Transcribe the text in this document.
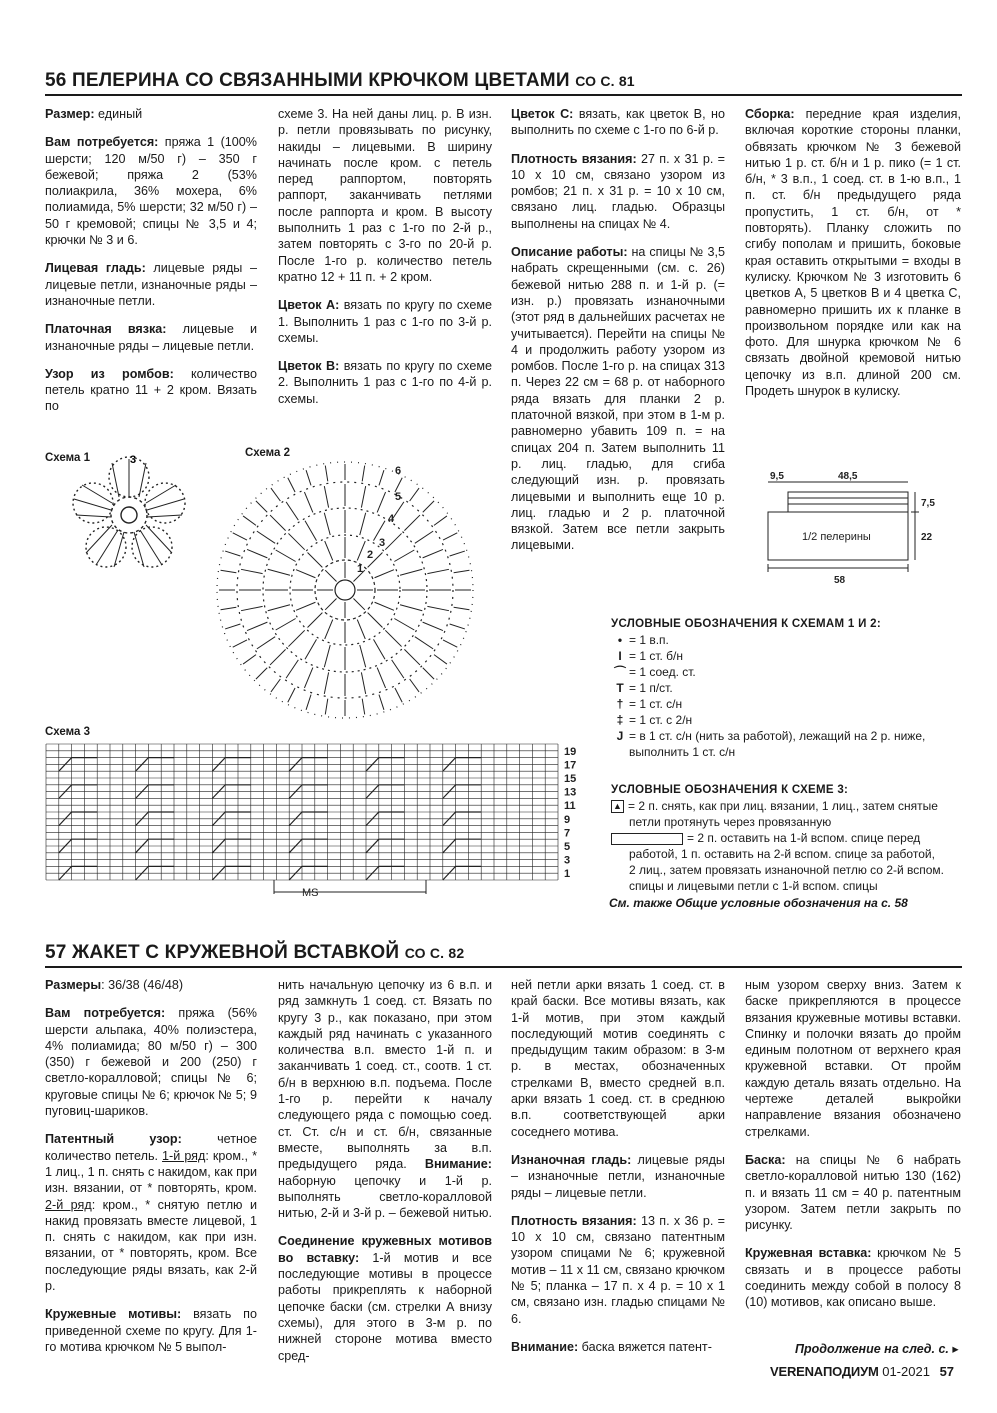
56 ПЕЛЕРИНА СО СВЯЗАННЫМИ КРЮЧКОМ ЦВЕТАМИ СО С. 81

Размер: единый

Вам потребуется: пряжа 1 (100% шерсти; 120 м/50 г) – 350 г бежевой; пряжа 2 (53% полиакрила, 36% мохера, 6% полиамида, 5% шерсти; 32 м/50 г) – 50 г кремовой; спицы № 3,5 и 4; крючки № 3 и 6.

Лицевая гладь: лицевые ряды – лицевые петли, изнаночные ряды – изнаночные петли.

Платочная вязка: лицевые и изнаночные ряды – лицевые петли.

Узор из ромбов: количество петель кратно 11 + 2 кром. Вязать по

схеме 3. На ней даны лиц. р. В изн. р. петли провязывать по рисунку, накиды – лицевыми. В ширину начинать после кром. с петель перед раппортом, повторять раппорт, заканчивать петлями после раппорта и кром. В высоту выполнить 1 раз с 1-го по 2-й р., затем повторять с 3-го по 20-й р. После 1-го р. количество петель кратно 12 + 11 п. + 2 кром.

Цветок А: вязать по кругу по схеме 1. Выполнить 1 раз с 1-го по 3-й р. схемы.

Цветок В: вязать по кругу по схеме 2. Выполнить 1 раз с 1-го по 4-й р. схемы.

Цветок С: вязать, как цветок В, но выполнить по схеме с 1-го по 6-й р.

Плотность вязания: 27 п. х 31 р. = 10 х 10 см, связано узором из ромбов; 21 п. х 31 р. = 10 х 10 см, связано лиц. гладью. Образцы выполнены на спицах № 4.

Описание работы: на спицы № 3,5 набрать скрещенными (см. с. 26) бежевой нитью 288 п. и 1-й р. (= изн. р.) провязать изнаночными (этот ряд в дальнейших расчетах не учитывается). Перейти на спицы № 4 и продолжить работу узором из ромбов. После 1-го р. на спицах 313 п. Через 22 см = 68 р. от наборного ряда вязать для планки 2 р. платочной вязкой, при этом в 1-м р. равномерно убавить 109 п. = на спицах 204 п. Затем выполнить 11 р. лиц. гладью, для сгиба следующий изн. р. провязать лицевыми и выполнить еще 10 р. лиц. гладью и 2 р. платочной вязкой. Затем все петли закрыть лицевыми.

Сборка: передние края изделия, включая короткие стороны планки, обвязать крючком № 3 бежевой нитью 1 р. ст. б/н и 1 р. пико (= 1 ст. б/н, * 3 в.п., 1 соед. ст. в 1-ю в.п., 1 п. ст. б/н предыдущего ряда пропустить, 1 ст. б/н, от * повторять). Планку сложить по сгибу пополам и пришить, боковые края оставить открытыми = входы в кулиску. Крючком № 3 изготовить 6 цветков А, 5 цветков В и 4 цветка С, равномерно пришить их к планке в произвольном порядке или как на фото. Для шнурка крючком № 6 связать двойной кремовой нитью цепочку из в.п. длиной 200 см. Продеть шнурок в кулиску.

Схема 1	3
Схема 2
6
5
4
3
2
1
9,5	48,5
7,5
22
58
1/2 пелерины
УСЛОВНЫЕ ОБОЗНАЧЕНИЯ К СХЕМАМ 1 И 2:
• = 1 в.п.
I = 1 ст. б/н
⌒ = 1 соед. ст.
T = 1 п/ст.
† = 1 ст. с/н
‡ = 1 ст. с 2/н
J = в 1 ст. с/н (нить за работой), лежащий на 2 р. ниже,
выполнить 1 ст. с/н
УСЛОВНЫЕ ОБОЗНАЧЕНИЯ К СХЕМЕ 3:
▲ = 2 п. снять, как при лиц. вязании, 1 лиц., затем снятые
петли протянуть через провязанную
= 2 п. оставить на 1-й вспом. спице перед
работой, 1 п. оставить на 2-й вспом. спице за работой,
2 лиц., затем провязать изнаночной петлю со 2-й вспом.
спицы и лицевыми петли с 1-й вспом. спицы
См. также Общие условные обозначения на с. 58
Схема 3
19
17
15
13
11
9
7
5
3
1
MS
57 ЖАКЕТ С КРУЖЕВНОЙ ВСТАВКОЙ СО С. 82

Размеры: 36/38 (46/48)

Вам потребуется: пряжа (56% шерсти альпака, 40% полиэстера, 4% полиамида; 80 м/50 г) – 300 (350) г бежевой и 200 (250) г светло-коралловой; спицы № 6; круговые спицы № 6; крючок № 5; 9 пуговиц-шариков.

Патентный узор: четное количество петель. 1-й ряд: кром., * 1 лиц., 1 п. снять с накидом, как при изн. вязании, от * повторять, кром. 2-й ряд: кром., * снятую петлю и накид провязать вместе лицевой, 1 п. снять с накидом, как при изн. вязании, от * повторять, кром. Все последующие ряды вязать, как 2-й р.

Кружевные мотивы: вязать по приведенной схеме по кругу. Для 1-го мотива крючком № 5 выпол-

нить начальную цепочку из 6 в.п. и ряд замкнуть 1 соед. ст. Вязать по кругу 3 р., как показано, при этом каждый ряд начинать с указанного количества в.п. вместо 1-й п. и заканчивать 1 соед. ст., соотв. 1 ст. б/н в верхнюю в.п. подъема. После 1-го р. перейти к началу следующего ряда с помощью соед. ст. Ст. с/н и ст. б/н, связанные вместе, выполнять за в.п. предыдущего ряда. Внимание: наборную цепочку и 1-й р. выполнять светло-коралловой нитью, 2-й и 3-й р. – бежевой нитью.

Соединение кружевных мотивов во вставку: 1-й мотив и все последующие мотивы в процессе работы прикреплять к наборной цепочке баски (см. стрелки А внизу схемы), для этого в 3-м р. по нижней стороне мотива вместо сред-

ней петли арки вязать 1 соед. ст. в край баски. Все мотивы вязать, как 1-й мотив, при этом каждый последующий мотив соединять с предыдущим таким образом: в 3-м р. в местах, обозначенных стрелками В, вместо средней в.п. арки вязать 1 соед. ст. в среднюю в.п. соответствующей арки соседнего мотива.

Изнаночная гладь: лицевые ряды – изнаночные петли, изнаночные ряды – лицевые петли.

Плотность вязания: 13 п. х 36 р. = 10 х 10 см, связано патентным узором спицами № 6; кружевной мотив – 11 х 11 см, связано крючком № 5; планка – 17 п. х 4 р. = 10 х 1 см, связано изн. гладью спицами № 6.

Внимание: баска вяжется патент-

ным узором сверху вниз. Затем к баске прикрепляются в процессе вязания кружевные мотивы вставки. Спинку и полочки вязать до пройм единым полотном от верхнего края кружевной вставки. От пройм каждую деталь вязать отдельно. На чертеже деталей выкройки направление вязания обозначено стрелками.

Баска: на спицы № 6 набрать светло-коралловой нитью 130 (162) п. и вязать 11 см = 40 р. патентным узором. Затем петли закрыть по рисунку.

Кружевная вставка: крючком № 5 связать и в процессе работы соединить между собой в полосу 8 (10) мотивов, как описано выше.

Продолжение на след. с. ▸
VERENAПОДИУМ 01-2021 57
